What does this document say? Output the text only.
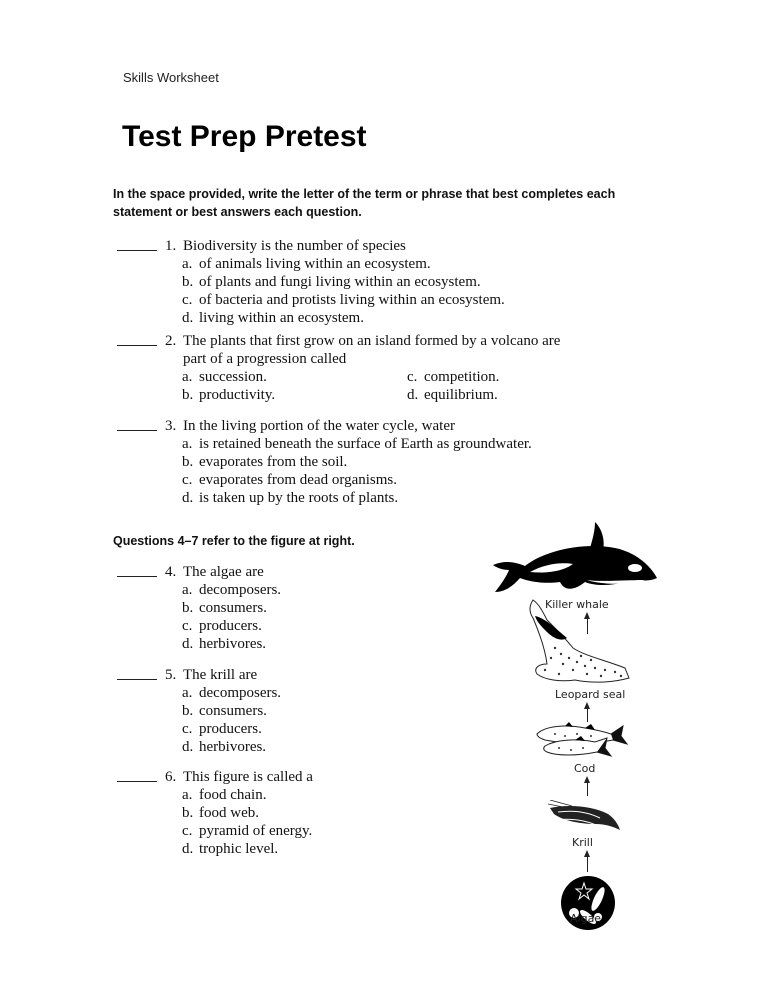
Skills Worksheet
Test Prep Pretest
In the space provided, write the letter of the term or phrase that best completes each statement or best answers each question.
1. Biodiversity is the number of species
a. of animals living within an ecosystem.
b. of plants and fungi living within an ecosystem.
c. of bacteria and protists living within an ecosystem.
d. living within an ecosystem.
2. The plants that first grow on an island formed by a volcano are part of a progression called
a. succession.	c. competition.
b. productivity.	d. equilibrium.
3. In the living portion of the water cycle, water
a. is retained beneath the surface of Earth as groundwater.
b. evaporates from the soil.
c. evaporates from dead organisms.
d. is taken up by the roots of plants.
Questions 4–7 refer to the figure at right.
4. The algae are
a. decomposers.
b. consumers.
c. producers.
d. herbivores.
5. The krill are
a. decomposers.
b. consumers.
c. producers.
d. herbivores.
6. This figure is called a
a. food chain.
b. food web.
c. pyramid of energy.
d. trophic level.
Killer whale
Leopard seal
Cod
Krill
Algae
